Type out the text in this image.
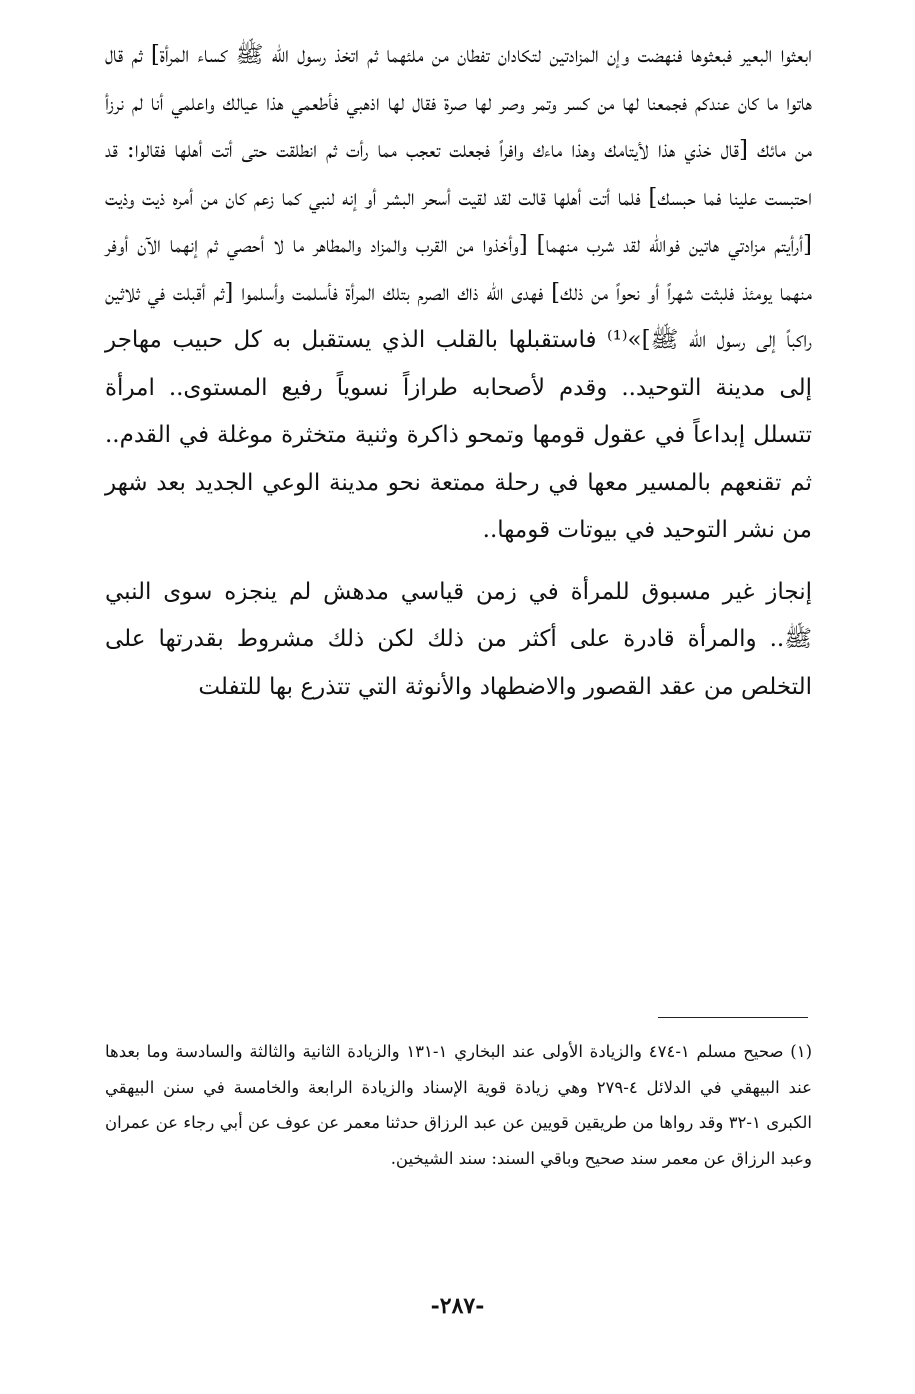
ابعثوا البعير فبعثوها فنهضت وإن المزادتين لتكادان تفطان من ملئهما ثم اتخذ رسول الله ﷺ كساء المرأة] ثم قال هاتوا ما كان عندكم فجمعنا لها من كسر وتمر وصر لها صرة فقال لها اذهبي فأطعمي هذا عيالك واعلمي أنا لم نرزأ من مائك [قال خذي هذا لأيتامك وهذا ماءك وافراً فجعلت تعجب مما رأت ثم انطلقت حتى أتت أهلها فقالوا: قد احتبست علينا فما حبسك] فلما أتت أهلها قالت لقد لقيت أسحر البشر أو إنه لنبي كما زعم كان من أمره ذيت وذيت [أرأيتم مزادتي هاتين فوالله لقد شرب منهما] [وأخذوا من القرب والمزاد والمطاهر ما لا أحصي ثم إنهما الآن أوفر منهما يومئذ فلبثت شهراً أو نحواً من ذلك] فهدى الله ذاك الصرم بتلك المرأة فأسلمت وأسلموا [ثم أقبلت في ثلاثين راكباً إلى رسول الله ﷺ]»⁽¹⁾ فاستقبلها بالقلب الذي يستقبل به كل حبيب مهاجر إلى مدينة التوحيد.. وقدم لأصحابه طرازاً نسوياً رفيع المستوى.. امرأة تتسلل إبداعاً في عقول قومها وتمحو ذاكرة وثنية متخثرة موغلة في القدم.. ثم تقنعهم بالمسير معها في رحلة ممتعة نحو مدينة الوعي الجديد بعد شهر من نشر التوحيد في بيوتات قومها..

إنجاز غير مسبوق للمرأة في زمن قياسي مدهش لم ينجزه سوى النبي ﷺ.. والمرأة قادرة على أكثر من ذلك لكن ذلك مشروط بقدرتها على التخلص من عقد القصور والاضطهاد والأنوثة التي تتذرع بها للتفلت

(١) صحيح مسلم ١-٤٧٤ والزيادة الأولى عند البخاري ١-١٣١ والزيادة الثانية والثالثة والسادسة وما بعدها عند البيهقي في الدلائل ٤-٢٧٩ وهي زيادة قوية الإسناد والزيادة الرابعة والخامسة في سنن البيهقي الكبرى ١-٣٢ وقد رواها من طريقين قويين عن عبد الرزاق حدثنا معمر عن عوف عن أبي رجاء عن عمران وعبد الرزاق عن معمر سند صحيح وباقي السند: سند الشيخين.

-٢٨٧-
